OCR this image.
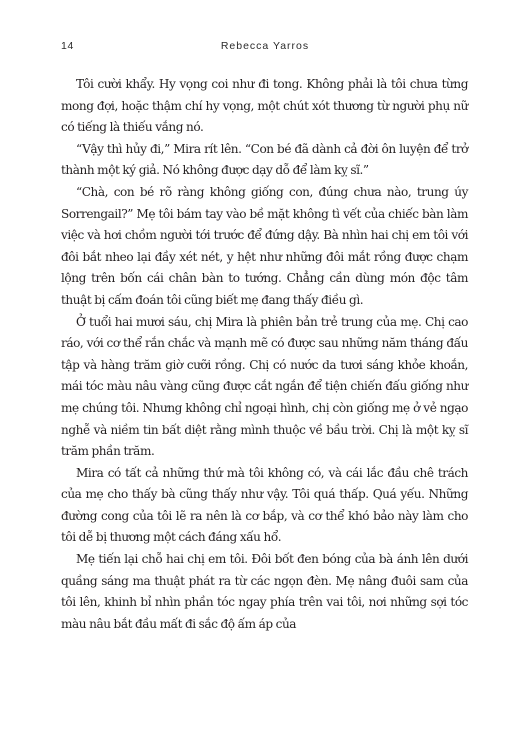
14	Rebecca Yarros

Tôi cười khẩy. Hy vọng coi như đi tong. Không phải là tôi chưa từng mong đợi, hoặc thậm chí hy vọng, một chút xót thương từ người phụ nữ có tiếng là thiếu vắng nó.

“Vậy thì hủy đi,” Mira rít lên. “Con bé đã dành cả đời ôn luyện để trở thành một ký giả. Nó không được dạy dỗ để làm kỵ sĩ.”

“Chà, con bé rõ ràng không giống con, đúng chưa nào, trung úy Sorrengail?” Mẹ tôi bám tay vào bề mặt không tì vết của chiếc bàn làm việc và hơi chồm người tới trước để đứng dậy. Bà nhìn hai chị em tôi với đôi bắt nheo lại đầy xét nét, y hệt như những đôi mắt rồng được chạm lộng trên bốn cái chân bàn to tướng. Chẳng cần dùng món độc tâm thuật bị cấm đoán tôi cũng biết mẹ đang thấy điều gì.

Ở tuổi hai mươi sáu, chị Mira là phiên bản trẻ trung của mẹ. Chị cao ráo, với cơ thể rắn chắc và mạnh mẽ có được sau những năm tháng đấu tập và hàng trăm giờ cưỡi rồng. Chị có nước da tươi sáng khỏe khoắn, mái tóc màu nâu vàng cũng được cắt ngắn để tiện chiến đấu giống như mẹ chúng tôi. Nhưng không chỉ ngoại hình, chị còn giống mẹ ở vẻ ngạo nghễ và niềm tin bất diệt rằng mình thuộc về bầu trời. Chị là một kỵ sĩ trăm phần trăm.

Mira có tất cả những thứ mà tôi không có, và cái lắc đầu chê trách của mẹ cho thấy bà cũng thấy như vậy. Tôi quá thấp. Quá yếu. Những đường cong của tôi lẽ ra nên là cơ bắp, và cơ thể khó bảo này làm cho tôi dễ bị thương một cách đáng xấu hổ.

Mẹ tiến lại chỗ hai chị em tôi. Đôi bốt đen bóng của bà ánh lên dưới quầng sáng ma thuật phát ra từ các ngọn đèn. Mẹ nâng đuôi sam của tôi lên, khinh bỉ nhìn phần tóc ngay phía trên vai tôi, nơi những sợi tóc màu nâu bắt đầu mất đi sắc độ ấm áp của
